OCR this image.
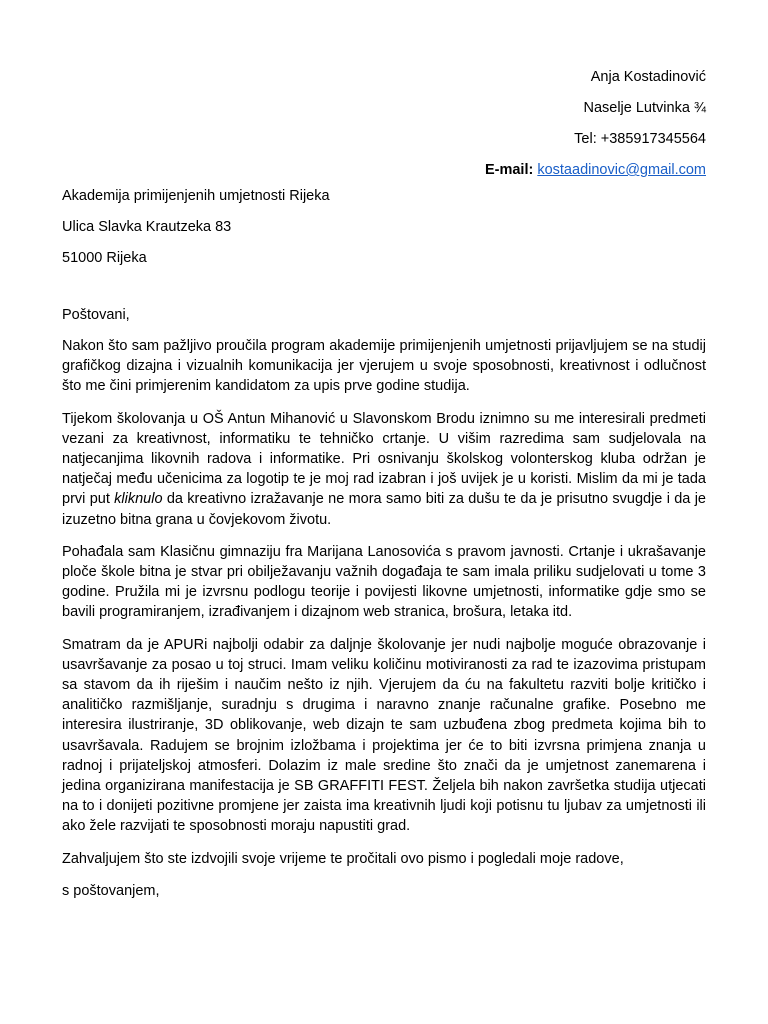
Anja Kostadinović
Naselje Lutvinka ¾
Tel: +385917345564
E-mail: kostaadinovic@gmail.com
Akademija primijenjenih umjetnosti Rijeka
Ulica Slavka Krautzeka 83
51000 Rijeka
Poštovani,

Nakon što sam pažljivo proučila program akademije primijenjenih umjetnosti prijavljujem se na studij grafičkog dizajna i vizualnih komunikacija jer vjerujem u svoje sposobnosti, kreativnost i odlučnost što me čini primjerenim kandidatom za upis prve godine studija.

Tijekom školovanja u OŠ Antun Mihanović u Slavonskom Brodu iznimno su me interesirali predmeti vezani za kreativnost, informatiku te tehničko crtanje. U višim razredima sam sudjelovala na natjecanjima likovnih radova i informatike. Pri osnivanju školskog volonterskog kluba održan je natječaj među učenicima za logotip te je moj rad izabran i još uvijek je u koristi. Mislim da mi je tada prvi put kliknulo da kreativno izražavanje ne mora samo biti za dušu te da je prisutno svugdje i da je izuzetno bitna grana u čovjekovom životu.

Pohađala sam Klasičnu gimnaziju fra Marijana Lanosovića s pravom javnosti. Crtanje i ukrašavanje ploče škole bitna je stvar pri obilježavanju važnih događaja te sam imala priliku sudjelovati u tome 3 godine. Pružila mi je izvrsnu podlogu teorije i povijesti likovne umjetnosti, informatike gdje smo se bavili programiranjem, izrađivanjem i dizajnom web stranica, brošura, letaka itd.

Smatram da je APURi najbolji odabir za daljnje školovanje jer nudi najbolje moguće obrazovanje i usavršavanje za posao u toj struci. Imam veliku količinu motiviranosti za rad te izazovima pristupam sa stavom da ih riješim i naučim nešto iz njih. Vjerujem da ću na fakultetu razviti bolje kritičko i analitičko razmišljanje, suradnju s drugima i naravno znanje računalne grafike. Posebno me interesira ilustriranje, 3D oblikovanje, web dizajn te sam uzbuđena zbog predmeta kojima bih to usavršavala. Radujem se brojnim izložbama i projektima jer će to biti izvrsna primjena znanja u radnoj i prijateljskoj atmosferi. Dolazim iz male sredine što znači da je umjetnost zanemarena i jedina organizirana manifestacija je SB GRAFFITI FEST. Željela bih nakon završetka studija utjecati na to i donijeti pozitivne promjene jer zaista ima kreativnih ljudi koji potisnu tu ljubav za umjetnosti ili ako žele razvijati te sposobnosti moraju napustiti grad.

Zahvaljujem što ste izdvojili svoje vrijeme te pročitali ovo pismo i pogledali moje radove,

s poštovanjem,
